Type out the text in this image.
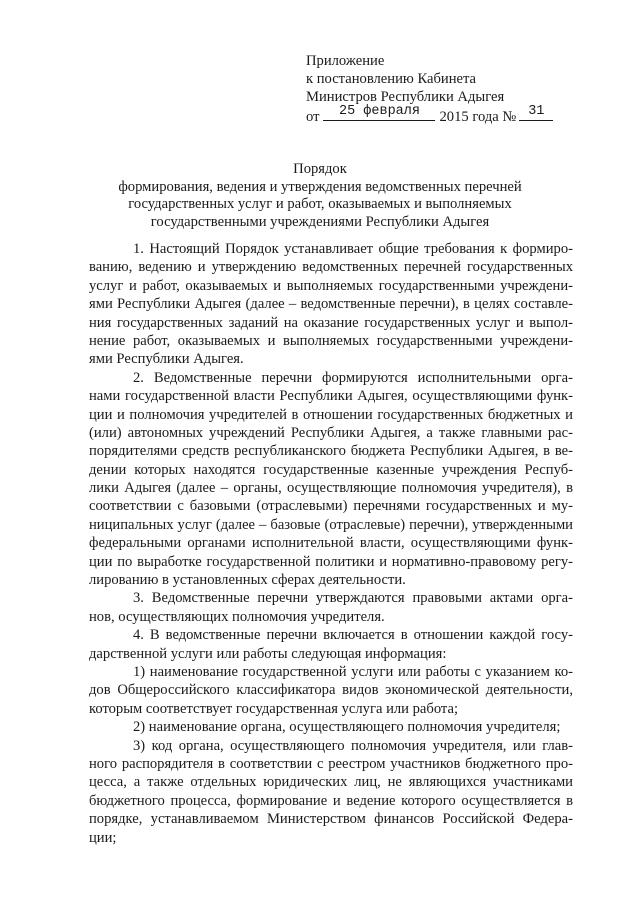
Приложение
к постановлению Кабинета
Министров Республики Адыгея
от	25 февраля	2015 года № 31
Порядок
формирования, ведения и утверждения ведомственных перечней
государственных услуг и работ, оказываемых и выполняемых
государственными учреждениями Республики Адыгея
1. Настоящий Порядок устанавливает общие требования к формиро-
ванию, ведению и утверждению ведомственных перечней государственных
услуг и работ, оказываемых и выполняемых государственными учреждени-
ями Республики Адыгея (далее – ведомственные перечни), в целях составле-
ния государственных заданий на оказание государственных услуг и выпол-
нение работ, оказываемых и выполняемых государственными учреждени-
ями Республики Адыгея.
2. Ведомственные перечни формируются исполнительными орга-
нами государственной власти Республики Адыгея, осуществляющими функ-
ции и полномочия учредителей в отношении государственных бюджетных и
(или) автономных учреждений Республики Адыгея, а также главными рас-
порядителями средств республиканского бюджета Республики Адыгея, в ве-
дении которых находятся государственные казенные учреждения Респуб-
лики Адыгея (далее – органы, осуществляющие полномочия учредителя), в
соответствии с базовыми (отраслевыми) перечнями государственных и му-
ниципальных услуг (далее – базовые (отраслевые) перечни), утвержденными
федеральными органами исполнительной власти, осуществляющими функ-
ции по выработке государственной политики и нормативно-правовому регу-
лированию в установленных сферах деятельности.
3. Ведомственные перечни утверждаются правовыми актами орга-
нов, осуществляющих полномочия учредителя.
4. В ведомственные перечни включается в отношении каждой госу-
дарственной услуги или работы следующая информация:
1) наименование государственной услуги или работы с указанием ко-
дов Общероссийского классификатора видов экономической деятельности,
которым соответствует государственная услуга или работа;
2) наименование органа, осуществляющего полномочия учредителя;
3) код органа, осуществляющего полномочия учредителя, или глав-
ного распорядителя в соответствии с реестром участников бюджетного про-
цесса, а также отдельных юридических лиц, не являющихся участниками
бюджетного процесса, формирование и ведение которого осуществляется в
порядке, устанавливаемом Министерством финансов Российской Федера-
ции;
